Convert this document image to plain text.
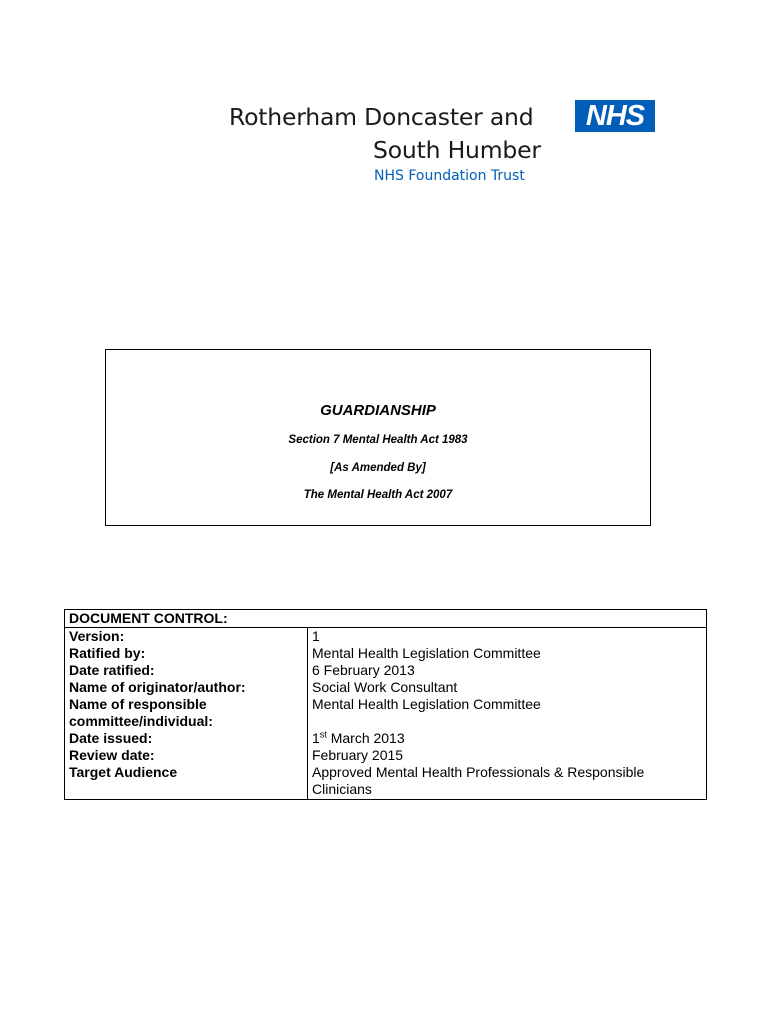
Rotherham Doncaster and
South Humber
NHS Foundation Trust
NHS
GUARDIANSHIP
Section 7 Mental Health Act 1983
[As Amended By]
The Mental Health Act 2007
DOCUMENT CONTROL:	
Version:	1
Ratified by:	Mental Health Legislation Committee
Date ratified:	6 February 2013
Name of originator/author:	Social Work Consultant
Name of responsible committee/individual:	Mental Health Legislation Committee
Date issued:	1st March 2013
Review date:	February 2015
Target Audience	Approved Mental Health Professionals & Responsible Clinicians
